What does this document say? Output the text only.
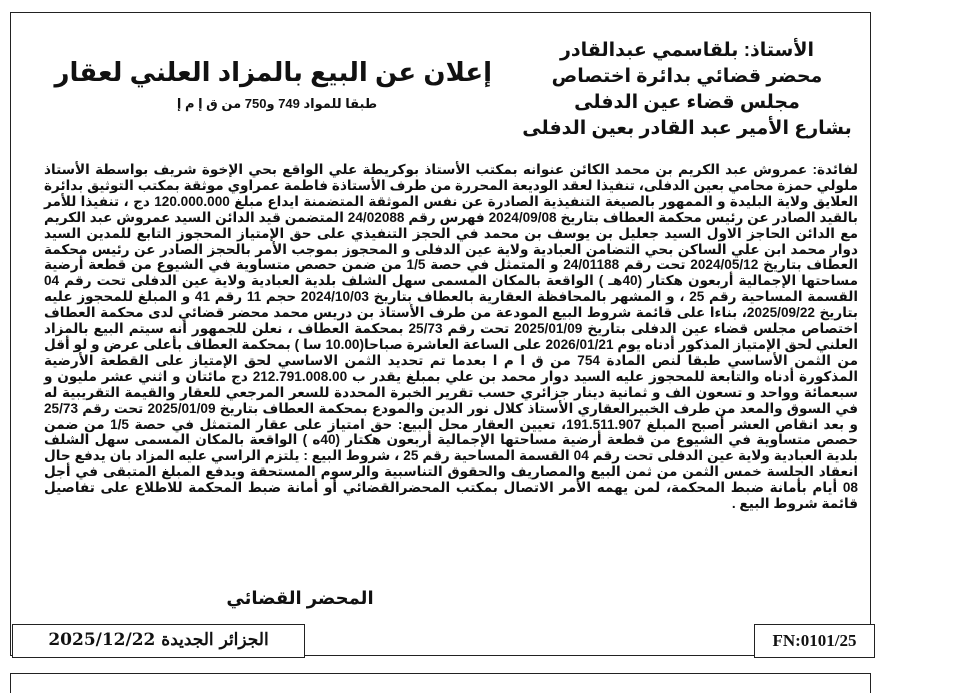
الأستاذ: بلقاسمي عبدالقادر
محضر قضائي بدائرة اختصاص
مجلس قضاء عين الدفلى
بشارع الأمير عبد القادر بعين الدفلى
إعلان عن البيع بالمزاد العلني لعقار
طبقا للمواد 749 و750 من ق إ م إ

لفائدة: عمروش عبد الكريم بن محمد الكائن عنوانه بمكتب الأستاذ بوكريطة علي الواقع بحي الإخوة شريف بواسطة الأستاذ ملولي حمزة محامي بعين الدفلى، تنفيذا لعقد الوديعة المحررة من طرف الأستاذة فاطمة عمراوي موثقة بمكتب التوثيق بدائرة العلايق ولاية البليدة و الممهور بالصيغة التنفيذية الصادرة عن نفس الموثقة المتضمنة ايداع مبلغ 120.000.000 دج ، تنفيذا للأمر بالقيد الصادر عن رئيس محكمة العطاف بتاريخ 2024/09/08 فهرس رقم 24/02088 المتضمن قيد الدائن السيد عمروش عبد الكريم مع الدائن الحاجز الاول السيد جعليل بن يوسف بن محمد في الحجز التنفيذي على حق الإمتياز المحجوز التابع للمدين السيد دوار محمد ابن علي الساكن بحي التضامن العبادية ولاية عين الدفلى و المحجوز بموجب الأمر بالحجز الصادر عن رئيس محكمة العطاف بتاريخ 2024/05/12 تحت رقم 24/01188 و المتمثل في حصة 1/5 من ضمن حصص متساوية في الشيوع من قطعة أرضية مساحتها الإجمالية أربعون هكتار (40هـ ) الواقعة بالمكان المسمى سهل الشلف بلدية العبادية ولاية عين الدفلى تحت رقم 04 القسمة المساحية رقم 25 ، و المشهر بالمحافظة العقارية بالعطاف بتاريخ 2024/10/03 حجم 11 رقم 41 و المبلغ للمحجوز عليه بتاريخ 2025/09/22، بناءا على قائمة شروط البيع المودعة من طرف الأستاذ بن دريس محمد محضر قضائي لدى محكمة العطاف اختصاص مجلس قضاء عين الدفلى بتاريخ 2025/01/09 تحت رقم 25/73 بمحكمة العطاف ، نعلن للجمهور أنه سيتم البيع بالمزاد العلني لحق الإمتياز المذكور أدناه يوم 2026/01/21 على الساعة العاشرة صباحا(10.00 سا ) بمحكمة العطاف بأعلى عرض و لو أقل من الثمن الأساسي طبقا لنص المادة 754 من ق ا م ا بعدما تم تحديد الثمن الاساسي لحق الإمتياز على القطعة الأرضية المذكورة أدناه والتابعة للمحجوز عليه السيد دوار محمد بن علي بمبلغ يقدر ب 212.791.008.00 دج مائتان و اثني عشر مليون و سبعمائة وواحد و تسعون الف و ثمانية دينار جزائري حسب تقرير الخبرة المحددة للسعر المرجعي للعقار والقيمة التقريبية له في السوق والمعد من طرف الخبيرالعقاري الأستاذ كلال نور الدين والمودع بمحكمة العطاف بتاريخ 2025/01/09 تحت رقم 25/73 و بعد انقاص العشر أصبح المبلغ 191.511.907، تعيين العقار محل البيع: حق امتياز على عقار المتمثل في حصة 1/5 من ضمن حصص متساوية في الشيوع من قطعة أرضية مساحتها الإجمالية أربعون هكتار (40ه ) الواقعة بالمكان المسمى سهل الشلف بلدية العبادية ولاية عين الدفلى تحت رقم 04 القسمة المساحية رقم 25 ، شروط البيع : يلتزم الراسي عليه المزاد بان يدفع حال انعقاد الجلسة خمس الثمن من ثمن البيع والمصاريف والحقوق التناسبية والرسوم المستحقة ويدفع المبلغ المتبقى في أجل 08 أيام بأمانة ضبط المحكمة، لمن يهمه الأمر الاتصال بمكتب المحضرالقضائي أو أمانة ضبط المحكمة للاطلاع على تفاصيل قائمة شروط البيع .

المحضر القضائي
الجزائر الجديدة 2025/12/22	FN:0101/25
